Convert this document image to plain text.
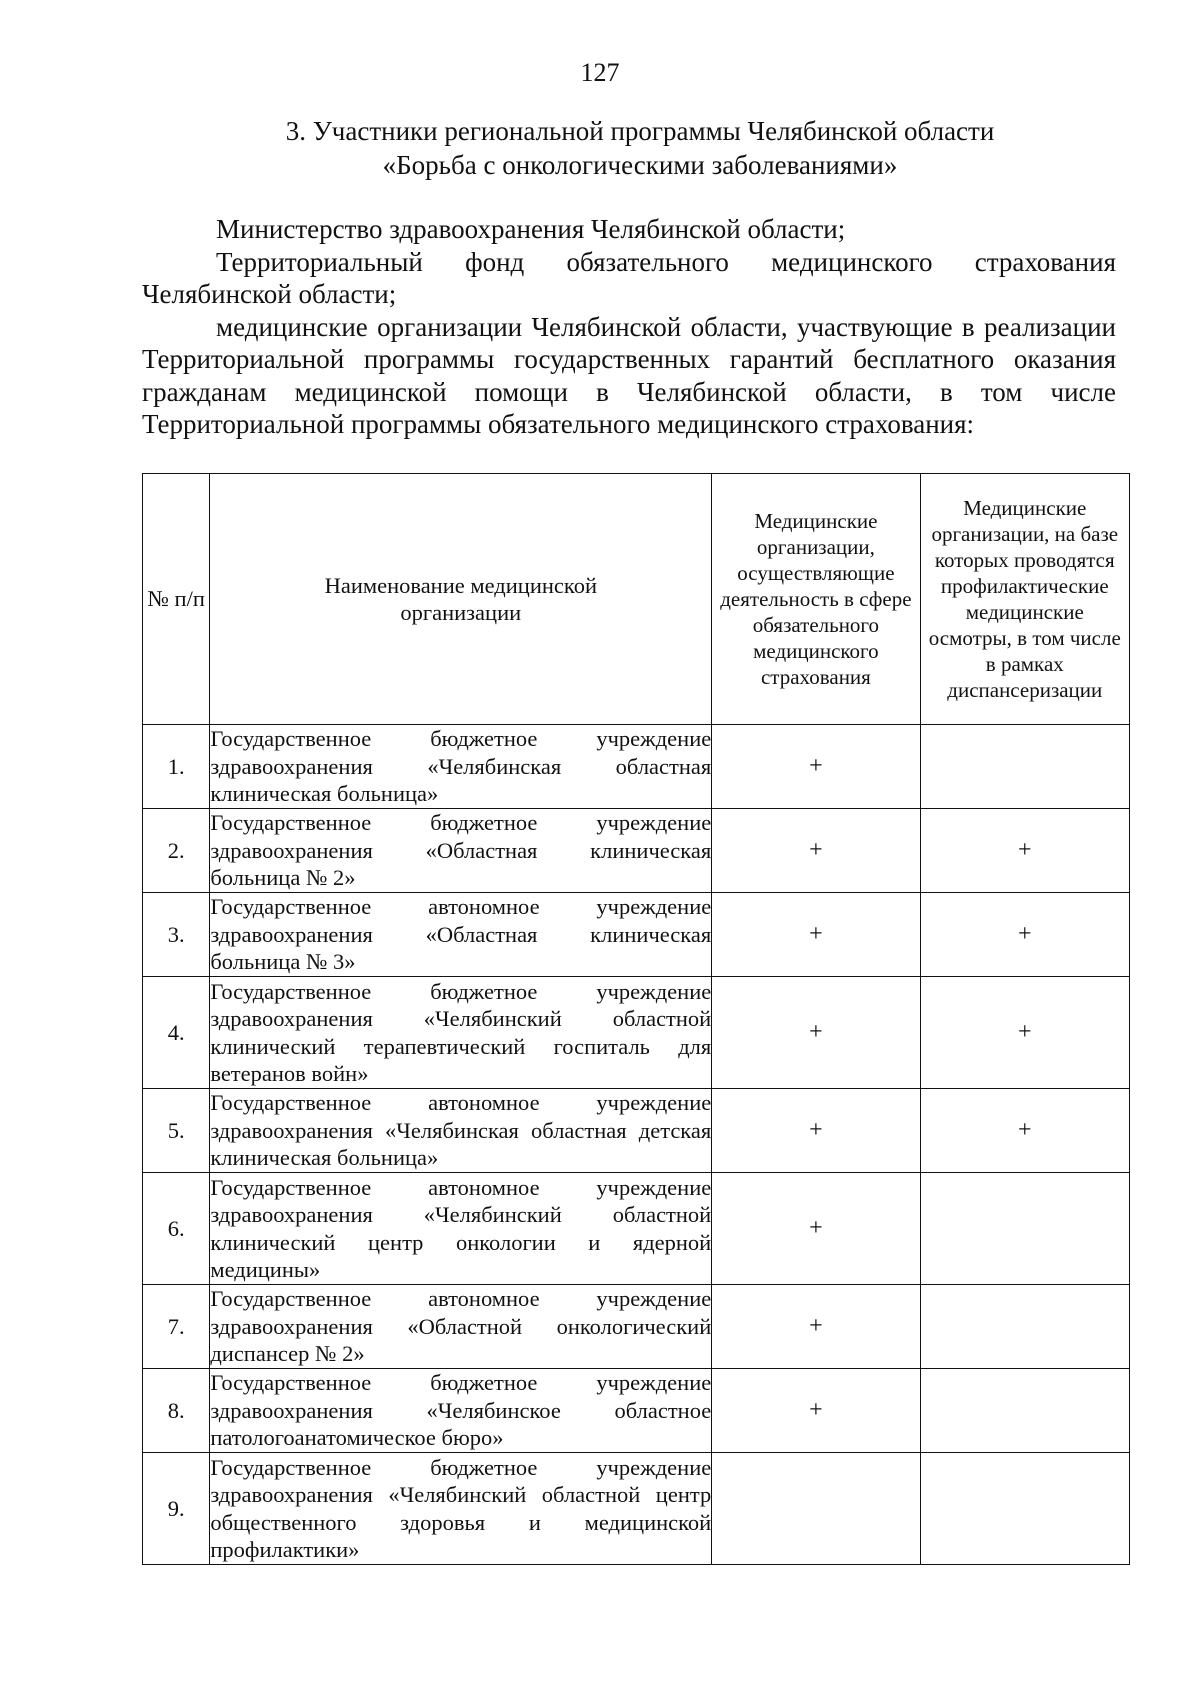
127
3. Участники региональной программы Челябинской области
«Борьба с онкологическими заболеваниями»

Министерство здравоохранения Челябинской области;

Территориальный фонд обязательного медицинского страхования Челябинской области;

медицинские организации Челябинской области, участвующие в реализации Территориальной программы государственных гарантий бесплатного оказания гражданам медицинской помощи в Челябинской области, в том числе Территориальной программы обязательного медицинского страхования:

№ п/п	Наименование медицинской организации	Медицинские организации, осуществляющие деятельность в сфере обязательного медицинского страхования	Медицинские организации, на базе которых проводятся профилактические медицинские осмотры, в том числе в рамках диспансеризации

1.	Государственное бюджетное учреждение здравоохранения «Челябинская областная клиническая больница»	+	
2.	Государственное бюджетное учреждение здравоохранения «Областная клиническая больница № 2»	+	+
3.	Государственное автономное учреждение здравоохранения «Областная клиническая больница № 3»	+	+
4.	Государственное бюджетное учреждение здравоохранения «Челябинский областной клинический терапевтический госпиталь для ветеранов войн»	+	+
5.	Государственное автономное учреждение здравоохранения «Челябинская областная детская клиническая больница»	+	+
6.	Государственное автономное учреждение здравоохранения «Челябинский областной клинический центр онкологии и ядерной медицины»	+	
7.	Государственное автономное учреждение здравоохранения «Областной онкологический диспансер № 2»	+	
8.	Государственное бюджетное учреждение здравоохранения «Челябинское областное патологоанатомическое бюро»	+	
9.	Государственное бюджетное учреждение здравоохранения «Челябинский областной центр общественного здоровья и медицинской профилактики»		
